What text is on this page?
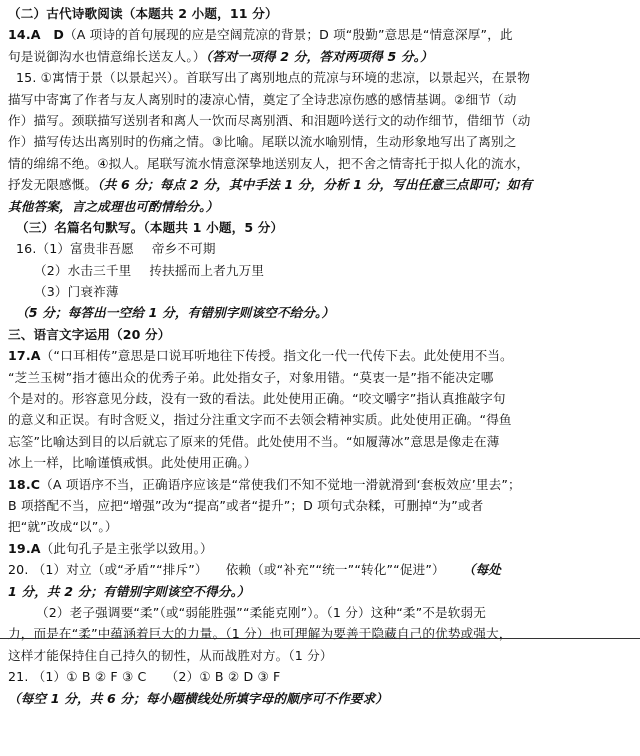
（二）古代诗歌阅读（本题共 2 小题，11 分）
14.A　D（A 项诗的首句展现的应是空阔荒凉的背景；D 项“殷勤”意思是“情意深厚”，此
句是说御沟水也情意绵长送友人。）（答对一项得 2 分，答对两项得 5 分。）
15. ①寓情于景（以景起兴）。首联写出了离别地点的荒凉与环境的悲凉，以景起兴，在景物
描写中寄寓了作者与友人离别时的凄凉心情，奠定了全诗悲凉伤感的感情基调。②细节（动
作）描写。颈联描写送别者和离人一饮而尽离别酒、和泪题吟送行文的动作细节，借细节（动
作）描写传达出离别时的伤痛之情。③比喻。尾联以流水喻别情，生动形象地写出了离别之
情的绵绵不绝。④拟人。尾联写流水情意深挚地送别友人，把不舍之情寄托于拟人化的流水，
抒发无限感慨。（共 6 分；每点 2 分，其中手法 1 分，分析 1 分，写出任意三点即可；如有
其他答案，言之成理也可酌情给分。）
（三）名篇名句默写。（本题共 1 小题，5 分）
16.（1）富贵非吾愿 帝乡不可期
（2）水击三千里 抟扶摇而上者九万里
（3）门衰祚薄
（5 分；每答出一空给 1 分，有错别字则该空不给分。）
三、语言文字运用（20 分）
17.A（“口耳相传”意思是口说耳听地往下传授。指文化一代一代传下去。此处使用不当。
“芝兰玉树”指才德出众的优秀子弟。此处指女子，对象用错。“莫衷一是”指不能决定哪
个是对的。形容意见分歧，没有一致的看法。此处使用正确。“咬文嚼字”指认真推敲字句
的意义和正误。有时含贬义，指过分注重文字而不去领会精神实质。此处使用正确。“得鱼
忘筌”比喻达到目的以后就忘了原来的凭借。此处使用不当。“如履薄冰”意思是像走在薄
冰上一样，比喻谨慎戒惧。此处使用正确。）
18.C（A 项语序不当，正确语序应该是“常使我们不知不觉地一滑就滑到‘套板效应’里去”；
B 项搭配不当，应把“增强”改为“提高”或者“提升”；D 项句式杂糅，可删掉“为”或者
把“就”改成“以”。）
19.A（此句孔子是主张学以致用。）
20. （1）对立（或“矛盾”“排斥”） 依赖（或“补充”“统一”“转化”“促进”） （每处
1 分，共 2 分；有错别字则该空不得分。）
（2）老子强调要“柔”（或“弱能胜强”“柔能克刚”）。（1 分）这种“柔”不是软弱无
力，而是在“柔”中蕴涵着巨大的力量。（1 分）也可理解为要善于隐藏自己的优势或强大，
这样才能保持住自己持久的韧性，从而战胜对方。（1 分）
21. （1）① B ② F ③ C　　（2）① B ② D ③ F
（每空 1 分，共 6 分；每小题横线处所填字母的顺序可不作要求）
